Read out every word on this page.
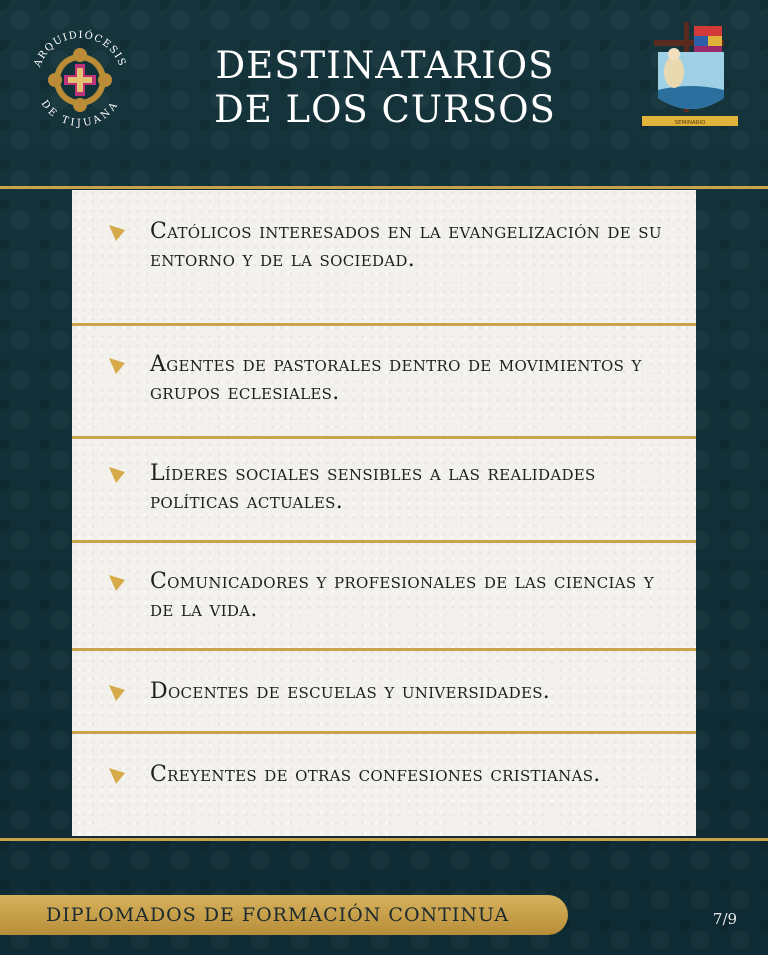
ARQUIDIÓCESIS
DE TIJUANA
DESTINATARIOS
DE LOS CURSOS	SEMINARIO
Católicos interesados en la evangelización de su entorno y de la sociedad.
Agentes de pastorales dentro de movimientos y grupos eclesiales.
Líderes sociales sensibles a las realidades políticas actuales.
Comunicadores y profesionales de las ciencias y de la vida.
Docentes de escuelas y universidades.
Creyentes de otras confesiones cristianas.
DIPLOMADOS DE FORMACIÓN CONTINUA	7/9
